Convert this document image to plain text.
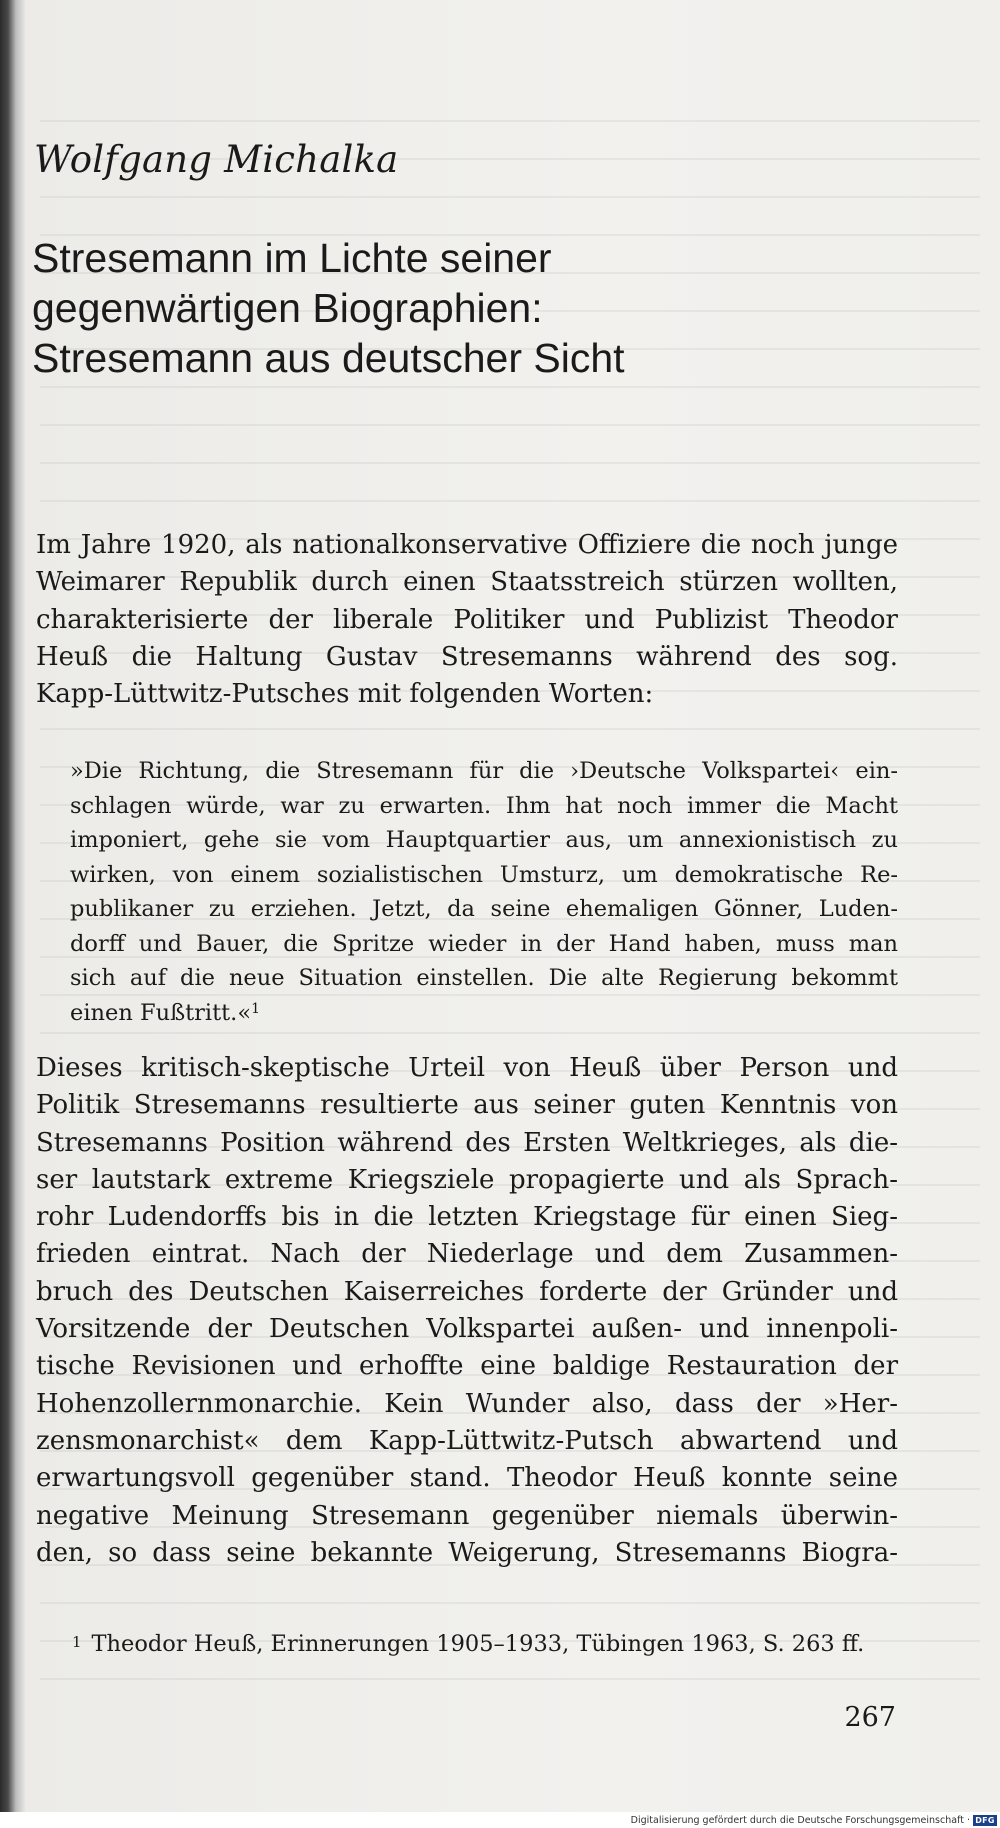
Wolfgang Michalka
Stresemann im Lichte seiner
gegenwärtigen Biographien:
Stresemann aus deutscher Sicht
Im Jahre 1920, als nationalkonservative Offiziere die noch junge
Weimarer Republik durch einen Staatsstreich stürzen wollten,
charakterisierte der liberale Politiker und Publizist Theodor
Heuß die Haltung Gustav Stresemanns während des sog.
Kapp-Lüttwitz-Putsches mit folgenden Worten:
»Die Richtung, die Stresemann für die ›Deutsche Volkspartei‹ ein-
schlagen würde, war zu erwarten. Ihm hat noch immer die Macht
imponiert, gehe sie vom Hauptquartier aus, um annexionistisch zu
wirken, von einem sozialistischen Umsturz, um demokratische Re-
publikaner zu erziehen. Jetzt, da seine ehemaligen Gönner, Luden-
dorff und Bauer, die Spritze wieder in der Hand haben, muss man
sich auf die neue Situation einstellen. Die alte Regierung bekommt
einen Fußtritt.«$^1$
Dieses kritisch-skeptische Urteil von Heuß über Person und
Politik Stresemanns resultierte aus seiner guten Kenntnis von
Stresemanns Position während des Ersten Weltkrieges, als die-
ser lautstark extreme Kriegsziele propagierte und als Sprach-
rohr Ludendorffs bis in die letzten Kriegstage für einen Sieg-
frieden eintrat. Nach der Niederlage und dem Zusammen-
bruch des Deutschen Kaiserreiches forderte der Gründer und
Vorsitzende der Deutschen Volkspartei außen- und innenpoli-
tische Revisionen und erhoffte eine baldige Restauration der
Hohenzollernmonarchie. Kein Wunder also, dass der »Her-
zensmonarchist« dem Kapp-Lüttwitz-Putsch abwartend und
erwartungsvoll gegenüber stand. Theodor Heuß konnte seine
negative Meinung Stresemann gegenüber niemals überwin-
den, so dass seine bekannte Weigerung, Stresemanns Biogra-
$^1$ Theodor Heuß, Erinnerungen 1905–1933, Tübingen 1963, S. 263 ff.
267
Digitalisierung gefördert durch die Deutsche Forschungsgemeinschaft · DFG
